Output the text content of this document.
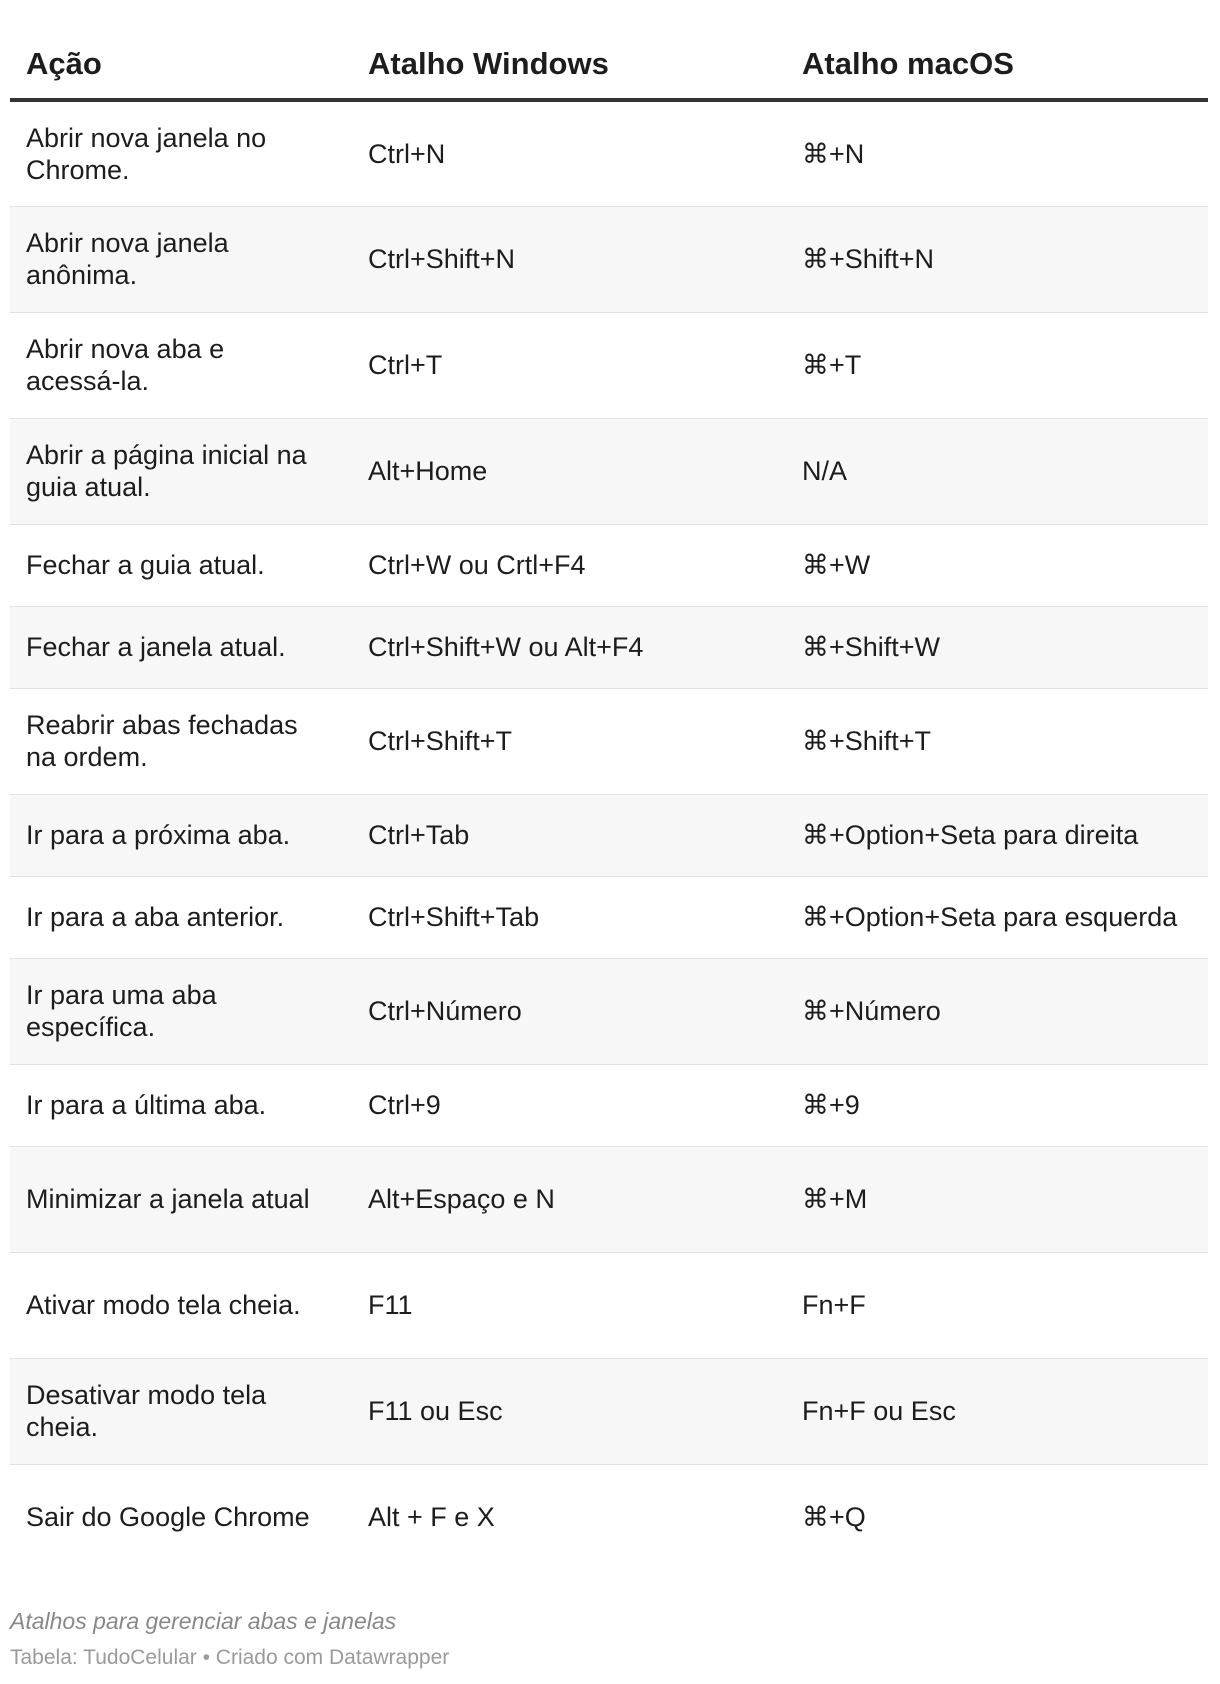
Ação	Atalho Windows	Atalho macOS
Abrir nova janela no Chrome.	Ctrl+N	⌘+N
Abrir nova janela anônima.	Ctrl+Shift+N	⌘+Shift+N
Abrir nova aba e acessá-la.	Ctrl+T	⌘+T
Abrir a página inicial na guia atual.	Alt+Home	N/A
Fechar a guia atual.	Ctrl+W ou Crtl+F4	⌘+W
Fechar a janela atual.	Ctrl+Shift+W ou Alt+F4	⌘+Shift+W
Reabrir abas fechadas na ordem.	Ctrl+Shift+T	⌘+Shift+T
Ir para a próxima aba.	Ctrl+Tab	⌘+Option+Seta para direita
Ir para a aba anterior.	Ctrl+Shift+Tab	⌘+Option+Seta para esquerda
Ir para uma aba específica.	Ctrl+Número	⌘+Número
Ir para a última aba.	Ctrl+9	⌘+9
Minimizar a janela atual	Alt+Espaço e N	⌘+M
Ativar modo tela cheia.	F11	Fn+F
Desativar modo tela cheia.	F11 ou Esc	Fn+F ou Esc
Sair do Google Chrome	Alt + F e X	⌘+Q

Atalhos para gerenciar abas e janelas

Tabela: TudoCelular • Criado com Datawrapper
